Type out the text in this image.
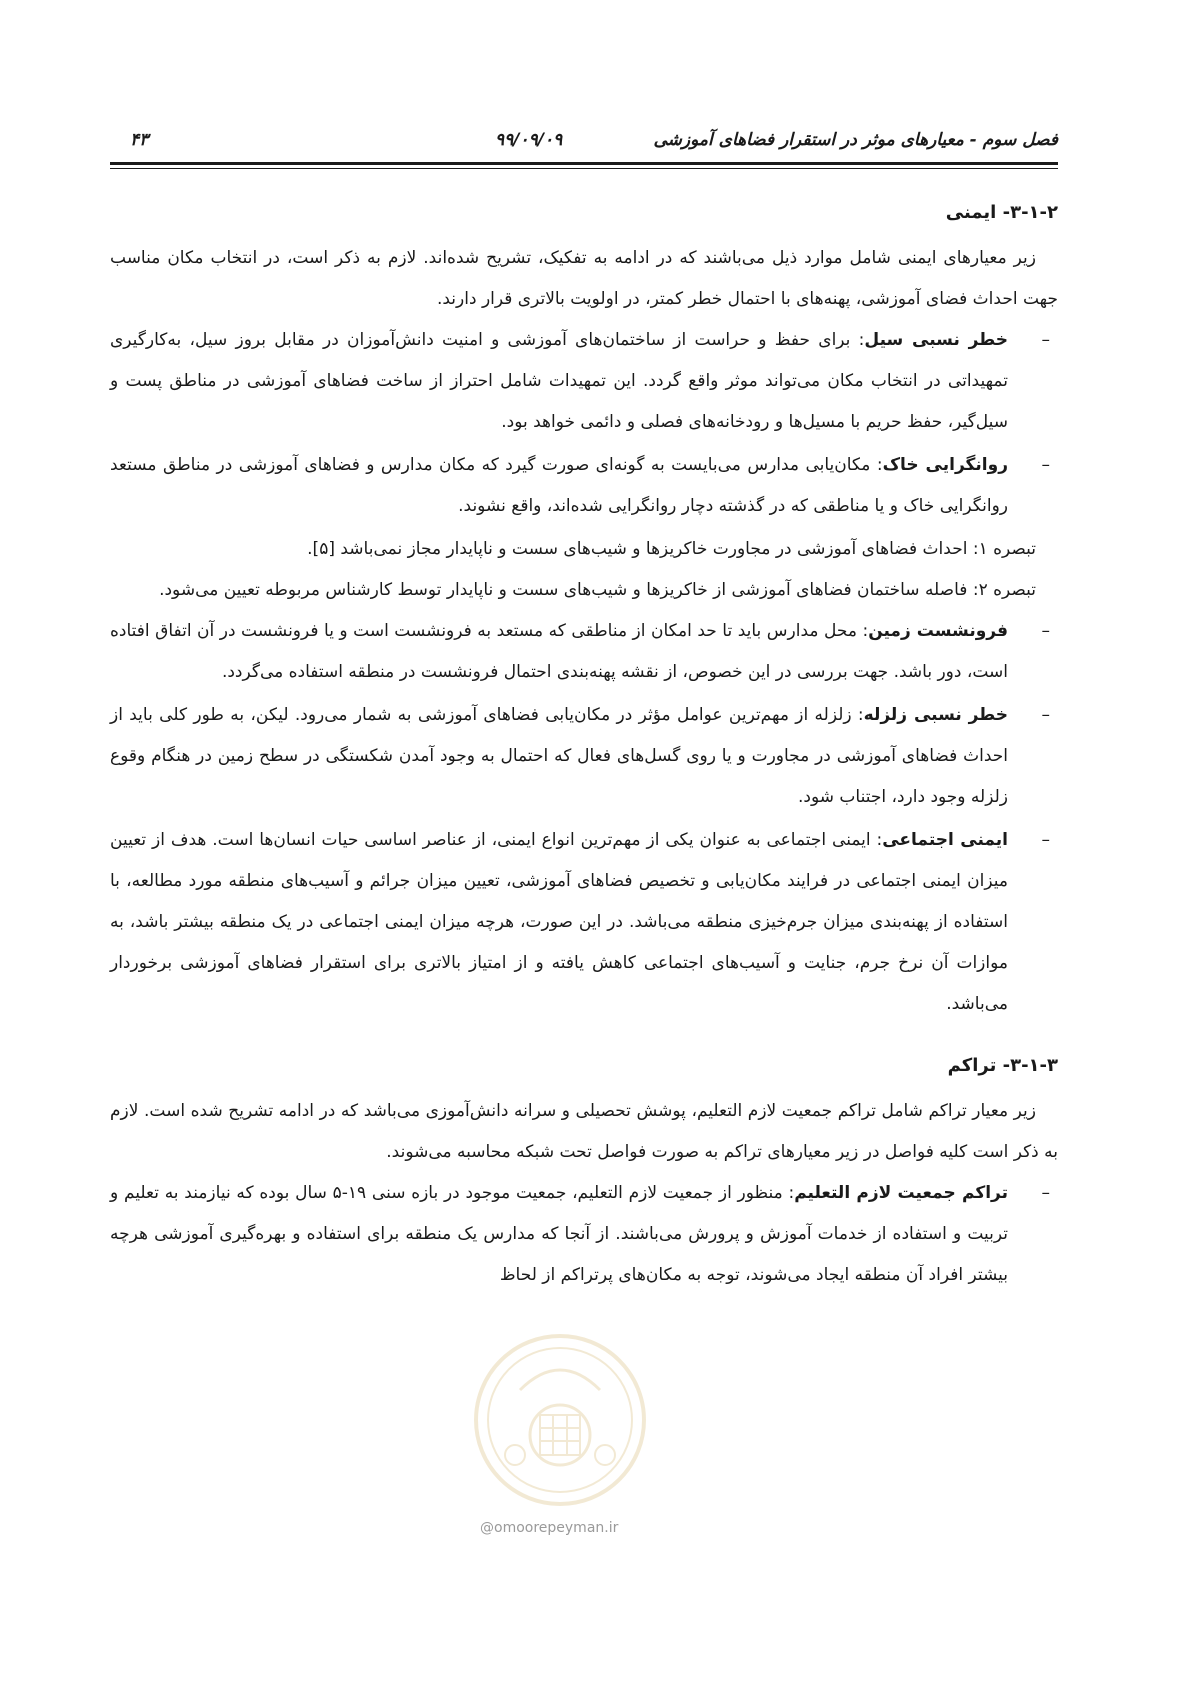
فصل سوم - معیارهای موثر در استقرار فضاهای آموزشی
۹۹/۰۹/۰۹
۴۳
۳-۱-۲- ایمنی

زیر معیارهای ایمنی شامل موارد ذیل می‌باشند که در ادامه به تفکیک، تشریح شده‌اند. لازم به ذکر است، در انتخاب مکان مناسب جهت احداث فضای آموزشی، پهنه‌های با احتمال خطر کمتر، در اولویت بالاتری قرار دارند.

–
خطر نسبی سیل: برای حفظ و حراست از ساختمان‌های آموزشی و امنیت دانش‌آموزان در مقابل بروز سیل، به‌کارگیری تمهیداتی در انتخاب مکان می‌تواند موثر واقع گردد. این تمهیدات شامل احتراز از ساخت فضاهای آموزشی در مناطق پست و سیل‌گیر، حفظ حریم با مسیل‌ها و رودخانه‌های فصلی و دائمی خواهد بود.
–
روانگرایی خاک: مکان‌یابی مدارس می‌بایست به گونه‌ای صورت گیرد که مکان مدارس و فضاهای آموزشی در مناطق مستعد روانگرایی خاک و یا مناطقی که در گذشته دچار روانگرایی شده‌اند، واقع نشوند.

تبصره ۱: احداث فضاهای آموزشی در مجاورت خاکریزها و شیب‌های سست و ناپایدار مجاز نمی‌باشد [۵].

تبصره ۲: فاصله ساختمان فضاهای آموزشی از خاکریزها و شیب‌های سست و ناپایدار توسط کارشناس مربوطه تعیین می‌شود.

–
فرونشست زمین: محل مدارس باید تا حد امکان از مناطقی که مستعد به فرونشست است و یا فرونشست در آن اتفاق افتاده است، دور باشد. جهت بررسی در این خصوص، از نقشه پهنه‌بندی احتمال فرونشست در منطقه استفاده می‌گردد.
–
خطر نسبی زلزله: زلزله از مهم‌ترین عوامل مؤثر در مکان‌یابی فضاهای آموزشی به شمار می‌رود. لیکن، به طور کلی باید از احداث فضاهای آموزشی در مجاورت و یا روی گسل‌های فعال که احتمال به وجود آمدن شکستگی در سطح زمین در هنگام وقوع زلزله وجود دارد، اجتناب شود.
–
ایمنی اجتماعی: ایمنی اجتماعی به عنوان یکی از مهم‌ترین انواع ایمنی، از عناصر اساسی حیات انسان‌ها است. هدف از تعیین میزان ایمنی اجتماعی در فرایند مکان‌یابی و تخصیص فضاهای آموزشی، تعیین میزان جرائم و آسیب‌های منطقه مورد مطالعه، با استفاده از پهنه‌بندی میزان جرم‌خیزی منطقه می‌باشد. در این صورت، هرچه میزان ایمنی اجتماعی در یک منطقه بیشتر باشد، به موازات آن نرخ جرم، جنایت و آسیب‌های اجتماعی کاهش یافته و از امتیاز بالاتری برای استقرار فضاهای آموزشی برخوردار می‌باشد.
۳-۱-۳- تراکم

زیر معیار تراکم شامل تراکم جمعیت لازم التعلیم، پوشش تحصیلی و سرانه دانش‌آموزی می‌باشد که در ادامه تشریح شده است. لازم به ذکر است کلیه فواصل در زیر معیارهای تراکم به صورت فواصل تحت شبکه محاسبه می‌شوند.

–
تراکم جمعیت لازم التعلیم: منظور از جمعیت لازم التعلیم، جمعیت موجود در بازه سنی ۱۹-۵ سال بوده که نیازمند به تعلیم و تربیت و استفاده از خدمات آموزش و پرورش می‌باشند. از آنجا که مدارس یک منطقه برای استفاده و بهره‌گیری آموزشی هرچه بیشتر افراد آن منطقه ایجاد می‌شوند، توجه به مکان‌های پرتراکم از لحاظ
@omoorepeyman.ir
